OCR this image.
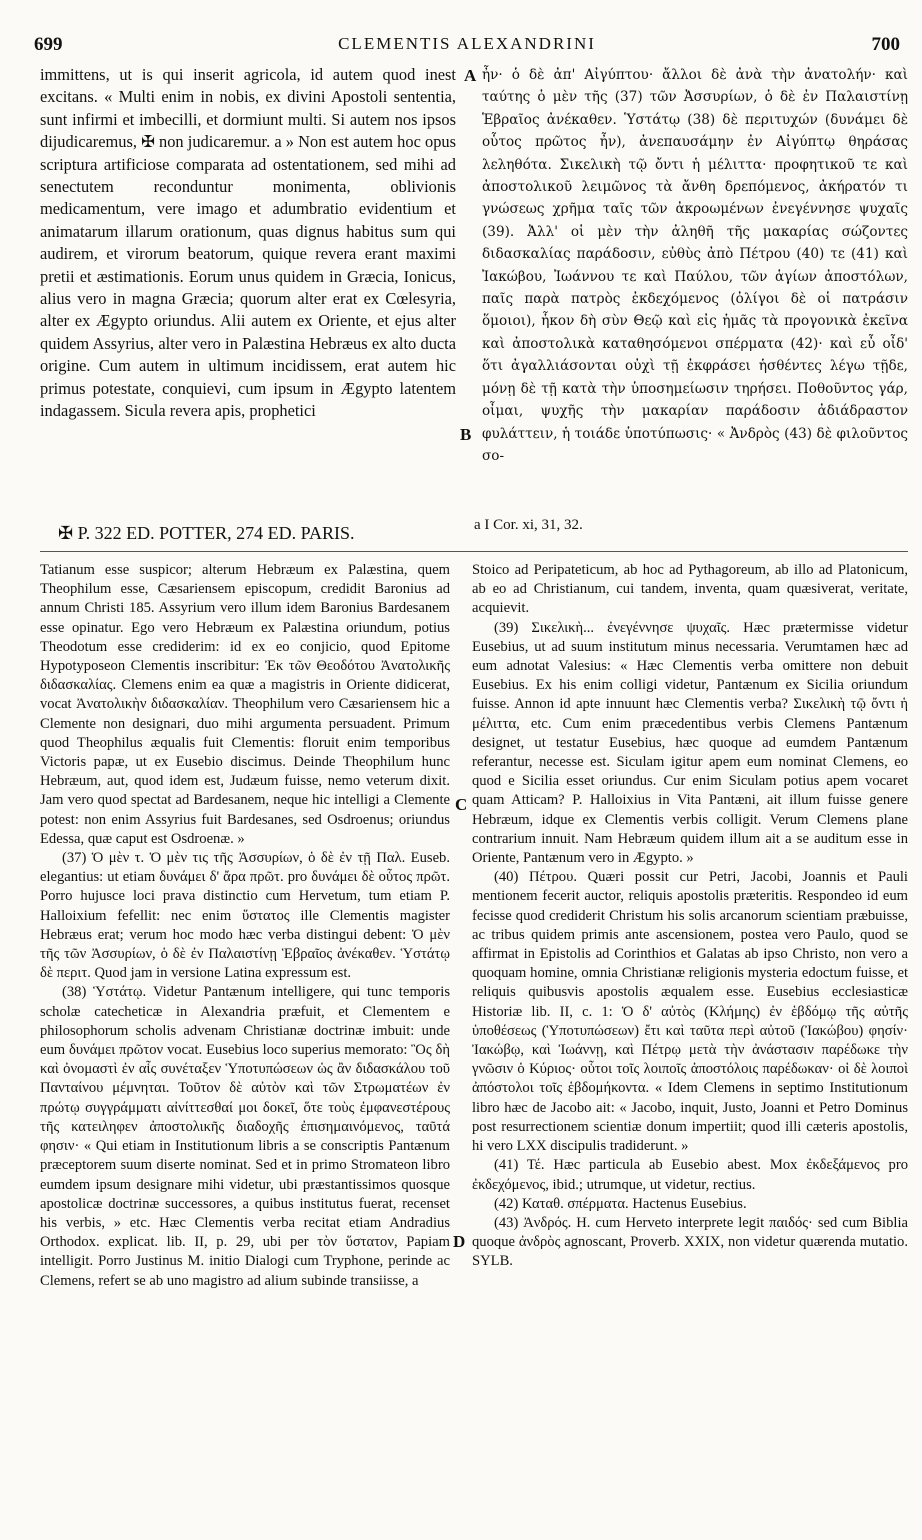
699	CLEMENTIS ALEXANDRINI	700

immittens, ut is qui inserit agricola, id autem quod inest excitans. « Multi enim in nobis, ex divini Apostoli sententia, sunt infirmi et imbecilli, et dormiunt multi. Si autem nos ipsos dijudicaremus, ✠ non judicaremur. a » Non est autem hoc opus scriptura artificiose comparata ad ostentationem, sed mihi ad senectutem reconduntur monimenta, oblivionis medicamentum, vere imago et adumbratio evidentium et animatarum illarum orationum, quas dignus habitus sum qui audirem, et virorum beatorum, quique revera erant maximi pretii et æstimationis. Eorum unus quidem in Græcia, Ionicus, alius vero in magna Græcia; quorum alter erat ex Cœlesyria, alter ex Ægypto oriundus. Alii autem ex Oriente, et ejus alter quidem Assyrius, alter vero in Palæstina Hebræus ex alto ducta origine. Cum autem in ultimum incidissem, erat autem hic primus potestate, conquievi, cum ipsum in Ægypto latentem indagassem. Sicula revera apis, prophetici

ἦν· ὁ δὲ ἀπ' Αἰγύπτου· ἄλλοι δὲ ἀνὰ τὴν ἀνατολήν· καὶ ταύτης ὁ μὲν τῆς (37) τῶν Ἀσσυρίων, ὁ δὲ ἐν Παλαιστίνῃ Ἑβραῖος ἀνέκαθεν. Ὑστάτῳ (38) δὲ περιτυχών (δυνάμει δὲ οὗτος πρῶτος ἦν), ἀνεπαυσάμην ἐν Αἰγύπτῳ θηράσας λεληθότα. Σικελικὴ τῷ ὄντι ἡ μέλιττα· προφητικοῦ τε καὶ ἀποστολικοῦ λειμῶνος τὰ ἄνθη δρεπόμενος, ἀκήρατόν τι γνώσεως χρῆμα ταῖς τῶν ἀκροωμένων ἐνεγέννησε ψυχαῖς (39). Ἀλλ' οἱ μὲν τὴν ἀληθῆ τῆς μακαρίας σώζοντες διδασκαλίας παράδοσιν, εὐθὺς ἀπὸ Πέτρου (40) τε (41) καὶ Ἰακώβου, Ἰωάννου τε καὶ Παύλου, τῶν ἁγίων ἀποστόλων, παῖς παρὰ πατρὸς ἐκδεχόμενος (ὀλίγοι δὲ οἱ πατράσιν ὅμοιοι), ἧκον δὴ σὺν Θεῷ καὶ εἰς ἡμᾶς τὰ προγονικὰ ἐκεῖνα καὶ ἀποστολικὰ καταθησόμενοι σπέρματα (42)· καὶ εὖ οἶδ' ὅτι ἀγαλλιάσονται οὐχὶ τῇ ἐκφράσει ἡσθέντες λέγω τῇδε, μόνῃ δὲ τῇ κατὰ τὴν ὑποσημείωσιν τηρήσει. Ποθοῦντος γάρ, οἶμαι, ψυχῆς τὴν μακαρίαν παράδοσιν ἀδιάδραστον φυλάττειν, ἡ τοιάδε ὑποτύπωσις· « Ἀνδρὸς (43) δὲ φιλοῦντος σο-

A
B
C
D
✠ P. 322 ED. POTTER, 274 ED. PARIS.	a I Cor. xi, 31, 32.

Tatianum esse suspicor; alterum Hebræum ex Palæstina, quem Theophilum esse, Cæsariensem episcopum, credidit Baronius ad annum Christi 185. Assyrium vero illum idem Baronius Bardesanem esse opinatur. Ego vero Hebræum ex Palæstina oriundum, potius Theodotum esse crediderim: id ex eo conjicio, quod Epitome Hypotyposeon Clementis inscribitur: Ἐκ τῶν Θεοδότου Ἀνατολικῆς διδασκαλίας. Clemens enim ea quæ a magistris in Oriente didicerat, vocat Ἀνατολικὴν διδασκαλίαν. Theophilum vero Cæsariensem hic a Clemente non designari, duo mihi argumenta persuadent. Primum quod Theophilus æqualis fuit Clementis: floruit enim temporibus Victoris papæ, ut ex Eusebio discimus. Deinde Theophilum hunc Hebræum, aut, quod idem est, Judæum fuisse, nemo veterum dixit. Jam vero quod spectat ad Bardesanem, neque hic intelligi a Clemente potest: non enim Assyrius fuit Bardesanes, sed Osdroenus; oriundus Edessa, quæ caput est Osdroenæ. »

(37) Ὁ μὲν τ. Ὁ μὲν τις τῆς Ἀσσυρίων, ὁ δὲ ἐν τῇ Παλ. Euseb. elegantius: ut etiam δυνάμει δ' ἄρα πρῶτ. pro δυνάμει δὲ οὗτος πρῶτ. Porro hujusce loci prava distinctio cum Hervetum, tum etiam P. Halloixium fefellit: nec enim ὕστατος ille Clementis magister Hebræus erat; verum hoc modo hæc verba distingui debent: Ὁ μὲν τῆς τῶν Ἀσσυρίων, ὁ δὲ ἐν Παλαιστίνῃ Ἑβραῖος ἀνέκαθεν. Ὑστάτῳ δὲ περιτ. Quod jam in versione Latina expressum est.

(38) Ὑστάτῳ. Videtur Pantænum intelligere, qui tunc temporis scholæ catecheticæ in Alexandria præfuit, et Clementem e philosophorum scholis advenam Christianæ doctrinæ imbuit: unde eum δυνάμει πρῶτον vocat. Eusebius loco superius memorato: Ὃς δὴ καὶ ὀνομαστὶ ἐν αἷς συνέταξεν Ὑποτυπώσεων ὡς ἂν διδασκάλου τοῦ Πανταίνου μέμνηται. Τοῦτον δὲ αὐτὸν καὶ τῶν Στρωματέων ἐν πρώτῳ συγγράμματι αἰνίττεσθαί μοι δοκεῖ, ὅτε τοὺς ἐμφανεστέρους τῆς κατειληφεν ἀποστολικῆς διαδοχῆς ἐπισημαινόμενος, ταῦτά φησιν· « Qui etiam in Institutionum libris a se conscriptis Pantænum præceptorem suum diserte nominat. Sed et in primo Stromateon libro eumdem ipsum designare mihi videtur, ubi præstantissimos quosque apostolicæ doctrinæ successores, a quibus institutus fuerat, recenset his verbis, » etc. Hæc Clementis verba recitat etiam Andradius Orthodox. explicat. lib. II, p. 29, ubi per τὸν ὕστατον, Papiam intelligit. Porro Justinus M. initio Dialogi cum Tryphone, perinde ac Clemens, refert se ab uno magistro ad alium subinde transiisse, a

Stoico ad Peripateticum, ab hoc ad Pythagoreum, ab illo ad Platonicum, ab eo ad Christianum, cui tandem, inventa, quam quæsiverat, veritate, acquievit.

(39) Σικελικὴ... ἐνεγέννησε ψυχαῖς. Hæc prætermisse videtur Eusebius, ut ad suum institutum minus necessaria. Verumtamen hæc ad eum adnotat Valesius: « Hæc Clementis verba omittere non debuit Eusebius. Ex his enim colligi videtur, Pantænum ex Sicilia oriundum fuisse. Annon id apte innuunt hæc Clementis verba? Σικελικὴ τῷ ὄντι ἡ μέλιττα, etc. Cum enim præcedentibus verbis Clemens Pantænum designet, ut testatur Eusebius, hæc quoque ad eumdem Pantænum referantur, necesse est. Siculam igitur apem eum nominat Clemens, eo quod e Sicilia esset oriundus. Cur enim Siculam potius apem vocaret quam Atticam? P. Halloixius in Vita Pantæni, ait illum fuisse genere Hebræum, idque ex Clementis verbis colligit. Verum Clemens plane contrarium innuit. Nam Hebræum quidem illum ait a se auditum esse in Oriente, Pantænum vero in Ægypto. »

(40) Πέτρου. Quæri possit cur Petri, Jacobi, Joannis et Pauli mentionem fecerit auctor, reliquis apostolis præteritis. Respondeo id eum fecisse quod crediderit Christum his solis arcanorum scientiam præbuisse, ac tribus quidem primis ante ascensionem, postea vero Paulo, quod se affirmat in Epistolis ad Corinthios et Galatas ab ipso Christo, non vero a quoquam homine, omnia Christianæ religionis mysteria edoctum fuisse, et reliquis quibusvis apostolis æqualem esse. Eusebius ecclesiasticæ Historiæ lib. II, c. 1: Ὁ δ' αὐτὸς (Κλήμης) ἐν ἑβδόμῳ τῆς αὐτῆς ὑποθέσεως (Ὑποτυπώσεων) ἔτι καὶ ταῦτα περὶ αὐτοῦ (Ἰακώβου) φησίν· Ἰακώβῳ, καὶ Ἰωάννῃ, καὶ Πέτρῳ μετὰ τὴν ἀνάστασιν παρέδωκε τὴν γνῶσιν ὁ Κύριος· οὗτοι τοῖς λοιποῖς ἀποστόλοις παρέδωκαν· οἱ δὲ λοιποὶ ἀπόστολοι τοῖς ἑβδομήκοντα. « Idem Clemens in septimo Institutionum libro hæc de Jacobo ait: « Jacobo, inquit, Justo, Joanni et Petro Dominus post resurrectionem scientiæ donum impertiit; quod illi cæteris apostolis, hi vero LXX discipulis tradiderunt. »

(41) Τέ. Hæc particula ab Eusebio abest. Mox ἐκδεξάμενος pro ἐκδεχόμενος, ibid.; utrumque, ut videtur, rectius.

(42) Καταθ. σπέρματα. Hactenus Eusebius.

(43) Ἀνδρός. H. cum Herveto interprete legit παιδός· sed cum Biblia quoque ἀνδρὸς agnoscant, Proverb. XXIX, non videtur quærenda mutatio. SYLB.
